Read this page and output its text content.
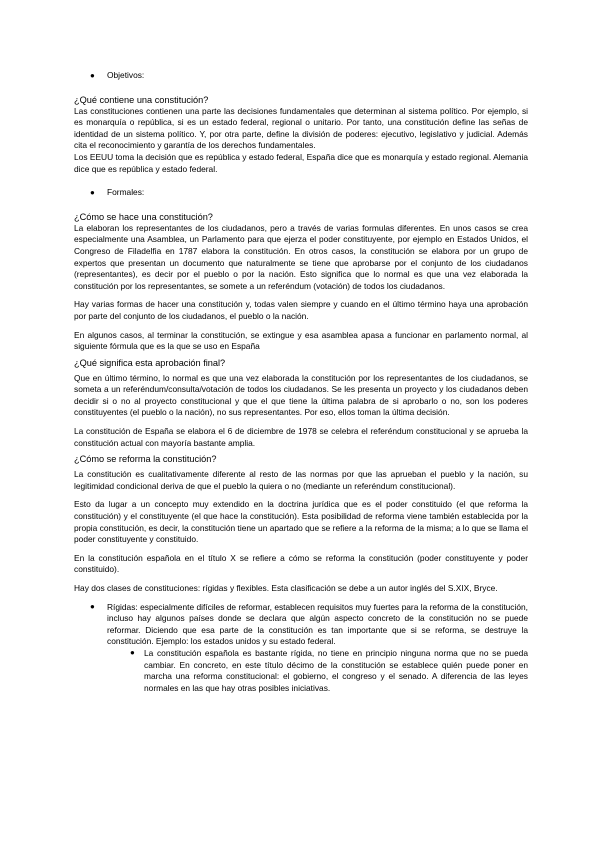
● Objetivos:
¿Qué contiene una constitución?

Las constituciones contienen una parte las decisiones fundamentales que determinan al sistema político. Por ejemplo, si es monarquía o república, si es un estado federal, regional o unitario. Por tanto, una constitución define las señas de identidad de un sistema político. Y, por otra parte, define la división de poderes: ejecutivo, legislativo y judicial. Además cita el reconocimiento y garantía de los derechos fundamentales.

Los EEUU toma la decisión que es república y estado federal, España dice que es monarquía y estado regional. Alemania dice que es república y estado federal.

● Formales:
¿Cómo se hace una constitución?

La elaboran los representantes de los ciudadanos, pero a través de varias formulas diferentes. En unos casos se crea especialmente una Asamblea, un Parlamento para que ejerza el poder constituyente, por ejemplo en Estados Unidos, el Congreso de Filadelfia en 1787 elabora la constitución. En otros casos, la constitución se elabora por un grupo de expertos que presentan un documento que naturalmente se tiene que aprobarse por el conjunto de los ciudadanos (representantes), es decir por el pueblo o por la nación. Esto significa que lo normal es que una vez elaborada la constitución por los representantes, se somete a un referéndum (votación) de todos los ciudadanos.

Hay varias formas de hacer una constitución y, todas valen siempre y cuando en el último término haya una aprobación por parte del conjunto de los ciudadanos, el pueblo o la nación.

En algunos casos, al terminar la constitución, se extingue y esa asamblea apasa a funcionar en parlamento normal, al siguiente fórmula que es la que se uso en España

¿Qué significa esta aprobación final?

Que en último término, lo normal es que una vez elaborada la constitución por los representantes de los ciudadanos, se someta a un referéndum/consulta/votación de todos los ciudadanos. Se les presenta un proyecto y los ciudadanos deben decidir si o no al proyecto constitucional y que el que tiene la última palabra de si aprobarlo o no, son los poderes constituyentes (el pueblo o la nación), no sus representantes. Por eso, ellos toman la última decisión.

La constitución de España se elabora el 6 de diciembre de 1978 se celebra el referéndum constitucional y se aprueba la constitución actual con mayoría bastante amplia.

¿Cómo se reforma la constitución?

La constitución es cualitativamente diferente al resto de las normas por que las aprueban el pueblo y la nación, su legitimidad condicional deriva de que el pueblo la quiera o no (mediante un referéndum constitucional).

Esto da lugar a un concepto muy extendido en la doctrina jurídica que es el poder constituido (el que reforma la constitución) y el constituyente (el que hace la constitución). Esta posibilidad de reforma viene también establecida por la propia constitución, es decir, la constitución tiene un apartado que se refiere a la reforma de la misma; a lo que se llama el poder constituyente y constituido.

En la constitución española en el título X se refiere a cómo se reforma la constitución (poder constituyente y poder constituido).

Hay dos clases de constituciones: rígidas y flexibles. Esta clasificación se debe a un autor inglés del S.XIX, Bryce.

● Rígidas: especialmente difíciles de reformar, establecen requisitos muy fuertes para la reforma de la constitución, incluso hay algunos países donde se declara que algún aspecto concreto de la constitución no se puede reformar. Diciendo que esa parte de la constitución es tan importante que si se reforma, se destruye la constitución. Ejemplo: los estados unidos y su estado federal.

● La constitución española es bastante rígida, no tiene en principio ninguna norma que no se pueda cambiar. En concreto, en este título décimo de la constitución se establece quién puede poner en marcha una reforma constitucional: el gobierno, el congreso y el senado. A diferencia de las leyes normales en las que hay otras posibles iniciativas.
